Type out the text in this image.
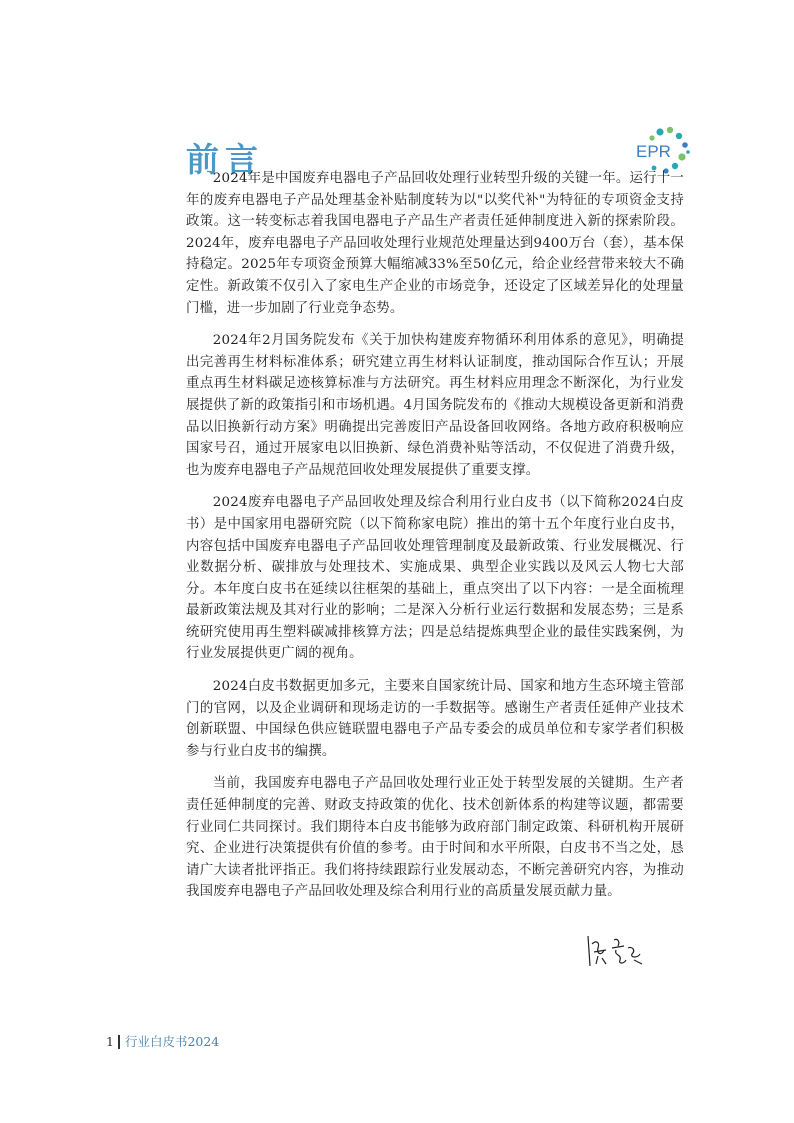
前言	EPR

2024年是中国废弃电器电子产品回收处理行业转型升级的关键一年。运行十一年的废弃电器电子产品处理基金补贴制度转为以"以奖代补"为特征的专项资金支持政策。这一转变标志着我国电器电子产品生产者责任延伸制度进入新的探索阶段。2024年，废弃电器电子产品回收处理行业规范处理量达到9400万台（套），基本保持稳定。2025年专项资金预算大幅缩减33%至50亿元，给企业经营带来较大不确定性。新政策不仅引入了家电生产企业的市场竞争，还设定了区域差异化的处理量门槛，进一步加剧了行业竞争态势。

2024年2月国务院发布《关于加快构建废弃物循环利用体系的意见》，明确提出完善再生材料标准体系；研究建立再生材料认证制度，推动国际合作互认；开展重点再生材料碳足迹核算标准与方法研究。再生材料应用理念不断深化，为行业发展提供了新的政策指引和市场机遇。4月国务院发布的《推动大规模设备更新和消费品以旧换新行动方案》明确提出完善废旧产品设备回收网络。各地方政府积极响应国家号召，通过开展家电以旧换新、绿色消费补贴等活动，不仅促进了消费升级，也为废弃电器电子产品规范回收处理发展提供了重要支撑。

2024废弃电器电子产品回收处理及综合利用行业白皮书（以下简称2024白皮书）是中国家用电器研究院（以下简称家电院）推出的第十五个年度行业白皮书，内容包括中国废弃电器电子产品回收处理管理制度及最新政策、行业发展概况、行业数据分析、碳排放与处理技术、实施成果、典型企业实践以及风云人物七大部分。本年度白皮书在延续以往框架的基础上，重点突出了以下内容：一是全面梳理最新政策法规及其对行业的影响；二是深入分析行业运行数据和发展态势；三是系统研究使用再生塑料碳减排核算方法；四是总结提炼典型企业的最佳实践案例，为行业发展提供更广阔的视角。

2024白皮书数据更加多元，主要来自国家统计局、国家和地方生态环境主管部门的官网，以及企业调研和现场走访的一手数据等。感谢生产者责任延伸产业技术创新联盟、中国绿色供应链联盟电器电子产品专委会的成员单位和专家学者们积极参与行业白皮书的编撰。

当前，我国废弃电器电子产品回收处理行业正处于转型发展的关键期。生产者责任延伸制度的完善、财政支持政策的优化、技术创新体系的构建等议题，都需要行业同仁共同探讨。我们期待本白皮书能够为政府部门制定政策、科研机构开展研究、企业进行决策提供有价值的参考。由于时间和水平所限，白皮书不当之处，恳请广大读者批评指正。我们将持续跟踪行业发展动态，不断完善研究内容，为推动我国废弃电器电子产品回收处理及综合利用行业的高质量发展贡献力量。

1 行业白皮书2024
